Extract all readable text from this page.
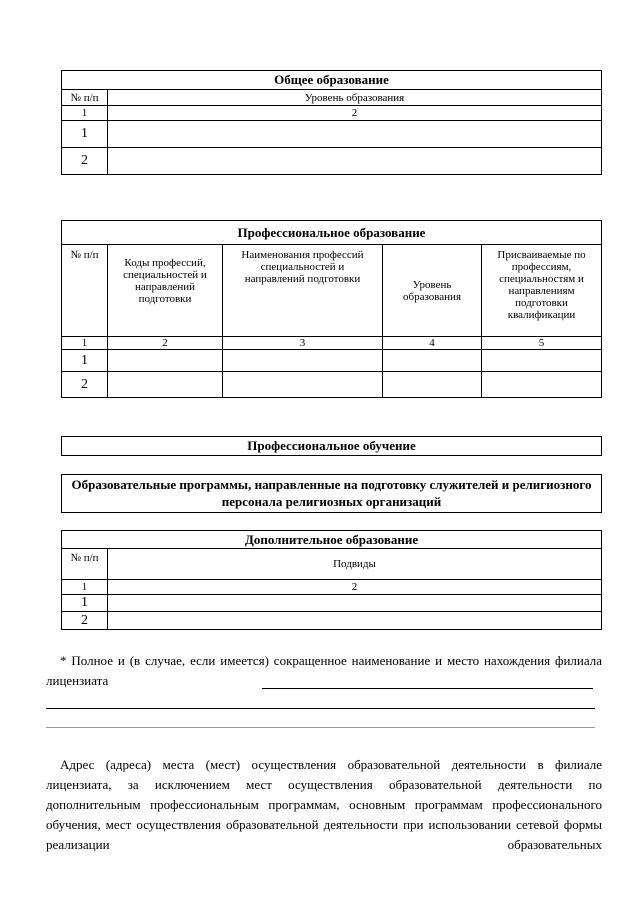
Общее образование	
№ п/п	Уровень образования
1	2
1	
2	
Профессиональное образование				
№ п/п	Коды профессий, специальностей и направлений подготовки	Наименования профессий специальностей и направлений подготовки	Уровень образования	Присваиваемые по профессиям, специальностям и направлениям подготовки квалификации
1	2	3	4	5
1				
2				
Профессиональное обучение
Образовательные программы, направленные на подготовку служителей и религиозного персонала религиозных организаций
Дополнительное образование	
№ п/п	Подвиды
1	2
1	
2	
* Полное и (в случае, если имеется) сокращенное наименование и место нахождения филиала лицензиата
Адрес (адреса) места (мест) осуществления образовательной деятельности в филиале лицензиата, за исключением мест осуществления образовательной деятельности по дополнительным профессиональным программам, основным программам профессионального обучения, мест осуществления образовательной деятельности при использовании сетевой формы реализации образовательных
